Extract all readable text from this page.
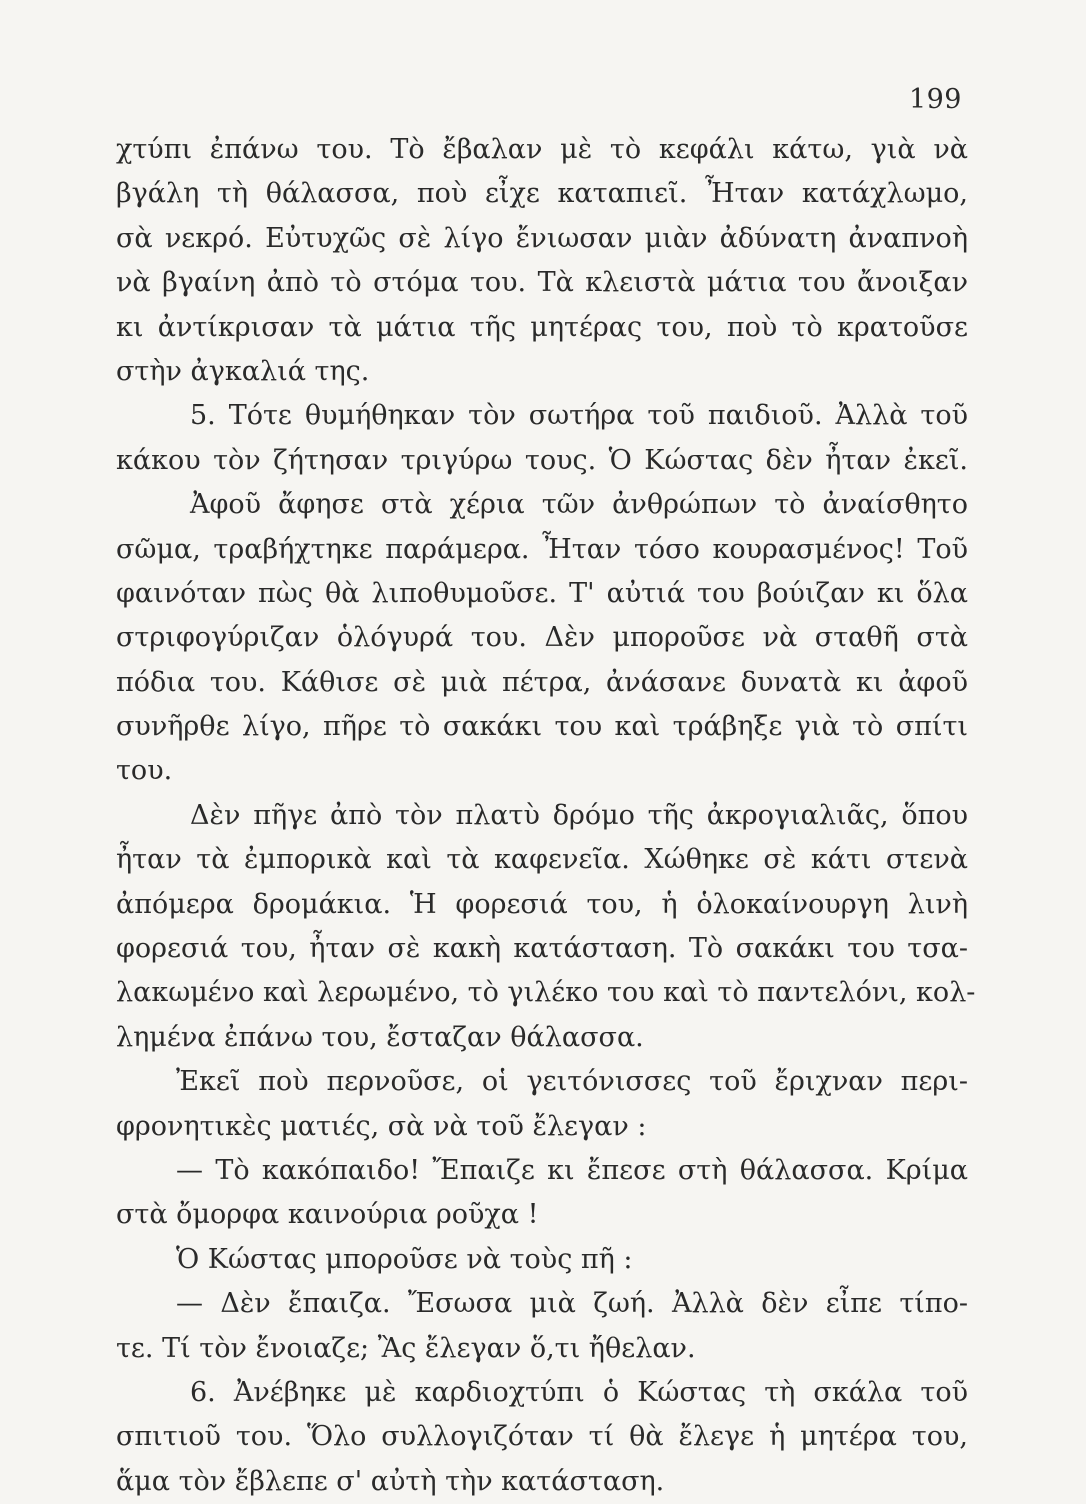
199
χτύπι ἐπάνω του. Τὸ ἔβαλαν μὲ τὸ κεφάλι κάτω, γιὰ νὰ
βγάλη τὴ θάλασσα, ποὺ εἶχε καταπιεῖ. Ἦταν κατάχλωμο,
σὰ νεκρό. Εὐτυχῶς σὲ λίγο ἔνιωσαν μιὰν ἀδύνατη ἀναπνοὴ
νὰ βγαίνη ἀπὸ τὸ στόμα του. Τὰ κλειστὰ μάτια του ἄνοιξαν
κι ἀντίκρισαν τὰ μάτια τῆς μητέρας του, ποὺ τὸ κρατοῦσε
στὴν ἀγκαλιά της.
5. Τότε θυμήθηκαν τὸν σωτήρα τοῦ παιδιοῦ. Ἀλλὰ τοῦ
κάκου τὸν ζήτησαν τριγύρω τους. Ὁ Κώστας δὲν ἦταν ἐκεῖ.
Ἀφοῦ ἄφησε στὰ χέρια τῶν ἀνθρώπων τὸ ἀναίσθητο
σῶμα, τραβήχτηκε παράμερα. Ἦταν τόσο κουρασμένος! Τοῦ
φαινόταν πὼς θὰ λιποθυμοῦσε. Τ' αὐτιά του βούιζαν κι ὅλα
στριφογύριζαν ὁλόγυρά του. Δὲν μποροῦσε νὰ σταθῆ στὰ
πόδια του. Κάθισε σὲ μιὰ πέτρα, ἀνάσανε δυνατὰ κι ἀφοῦ
συνῆρθε λίγο, πῆρε τὸ σακάκι του καὶ τράβηξε γιὰ τὸ σπίτι
του.
Δὲν πῆγε ἀπὸ τὸν πλατὺ δρόμο τῆς ἀκρογιαλιᾶς, ὅπου
ἦταν τὰ ἐμπορικὰ καὶ τὰ καφενεῖα. Χώθηκε σὲ κάτι στενὰ
ἀπόμερα δρομάκια. Ἡ φορεσιά του, ἡ ὁλοκαίνουργη λινὴ
φορεσιά του, ἦταν σὲ κακὴ κατάσταση. Τὸ σακάκι του τσα-
λακωμένο καὶ λερωμένο, τὸ γιλέκο του καὶ τὸ παντελόνι, κολ-
λημένα ἐπάνω του, ἔσταζαν θάλασσα.
Ἐκεῖ ποὺ περνοῦσε, οἱ γειτόνισσες τοῦ ἔριχναν περι-
φρονητικὲς ματιές, σὰ νὰ τοῦ ἔλεγαν :
— Τὸ κακόπαιδο! Ἔπαιζε κι ἔπεσε στὴ θάλασσα. Κρίμα
στὰ ὄμορφα καινούρια ροῦχα !
Ὁ Κώστας μποροῦσε νὰ τοὺς πῆ :
— Δὲν ἔπαιζα. Ἔσωσα μιὰ ζωή. Ἀλλὰ δὲν εἶπε τίπο-
τε. Τί τὸν ἔνοιαζε; Ἂς ἔλεγαν ὅ,τι ἤθελαν.
6. Ἀνέβηκε μὲ καρδιοχτύπι ὁ Κώστας τὴ σκάλα τοῦ
σπιτιοῦ του. Ὅλο συλλογιζόταν τί θὰ ἔλεγε ἡ μητέρα του,
ἅμα τὸν ἔβλεπε σ' αὐτὴ τὴν κατάσταση.
